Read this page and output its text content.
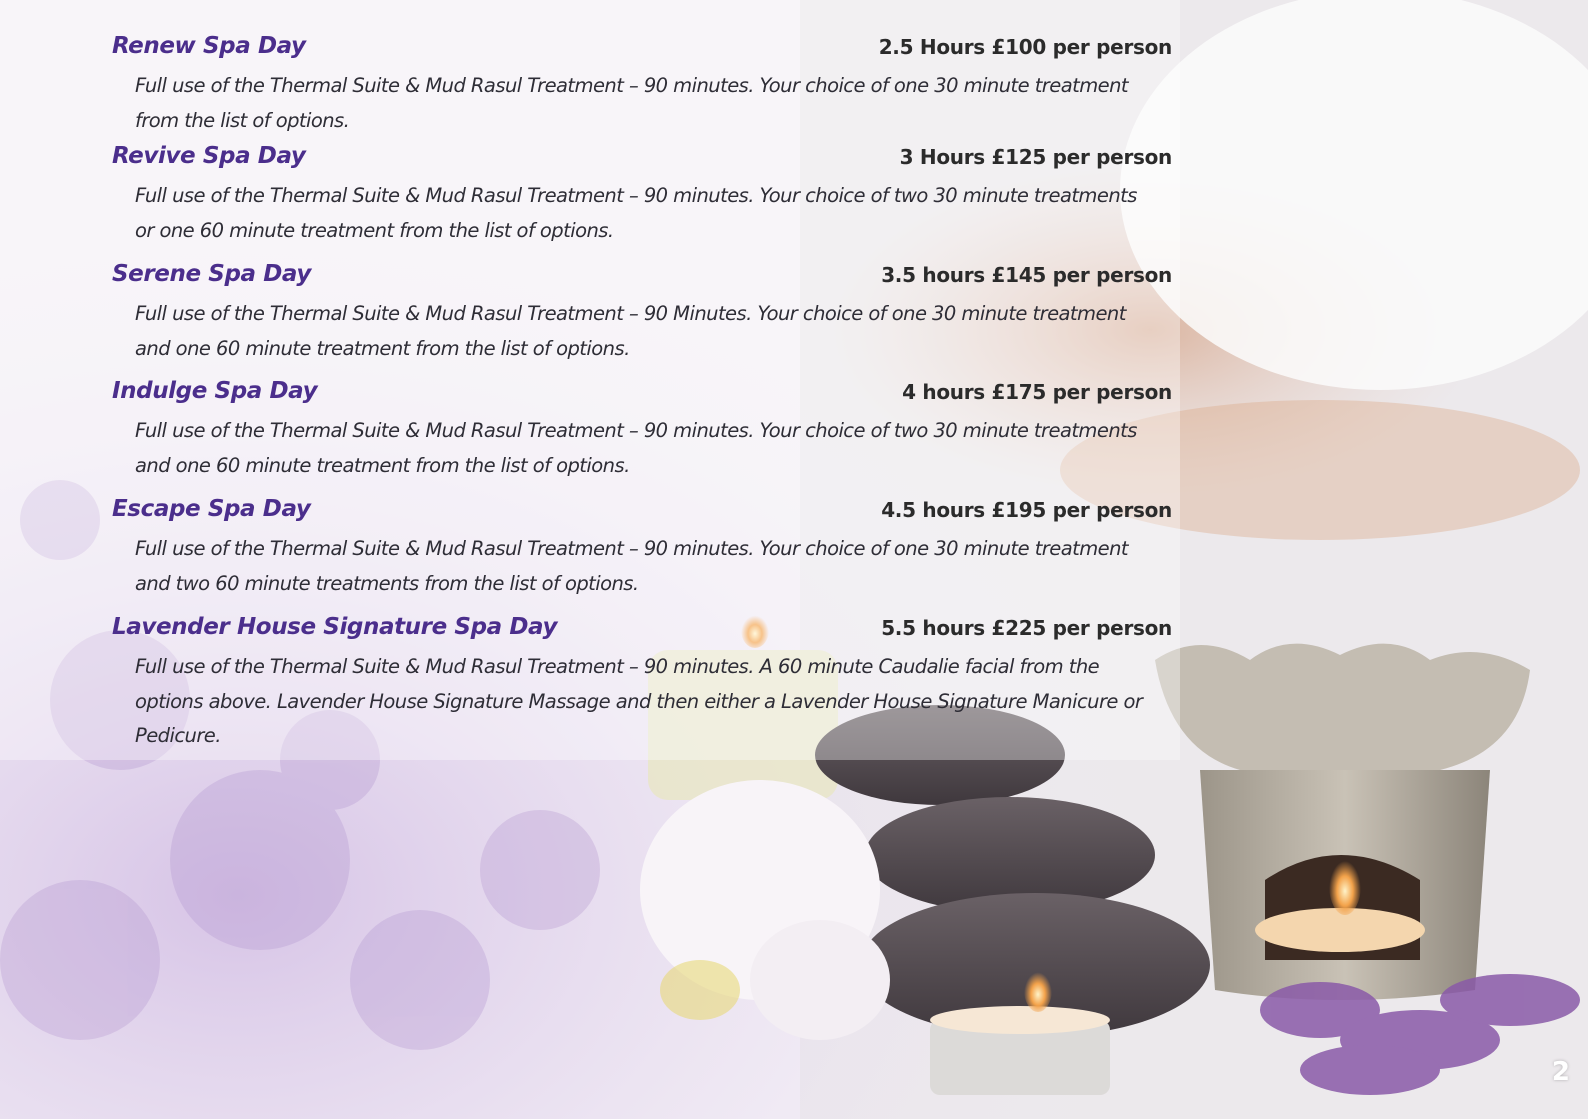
Renew Spa Day	2.5 Hours £100 per person

Full use of the Thermal Suite & Mud Rasul Treatment – 90 minutes. Your choice of one 30 minute treatment from the list of options.

Revive Spa Day	3 Hours £125 per person

Full use of the Thermal Suite & Mud Rasul Treatment – 90 minutes. Your choice of two 30 minute treatments or one 60 minute treatment from the list of options.

Serene Spa Day	3.5 hours £145 per person

Full use of the Thermal Suite & Mud Rasul Treatment – 90 Minutes. Your choice of one 30 minute treatment and one 60 minute treatment from the list of options.

Indulge Spa Day	4 hours £175 per person

Full use of the Thermal Suite & Mud Rasul Treatment – 90 minutes. Your choice of two 30 minute treatments and one 60 minute treatment from the list of options.

Escape Spa Day	4.5 hours £195 per person

Full use of the Thermal Suite & Mud Rasul Treatment – 90 minutes. Your choice of one 30 minute treatment and two 60 minute treatments from the list of options.

Lavender House Signature Spa Day	5.5 hours £225 per person

Full use of the Thermal Suite & Mud Rasul Treatment – 90 minutes. A 60 minute Caudalie facial from the options above. Lavender House Signature Massage and then either a Lavender House Signature Manicure or Pedicure.

2
